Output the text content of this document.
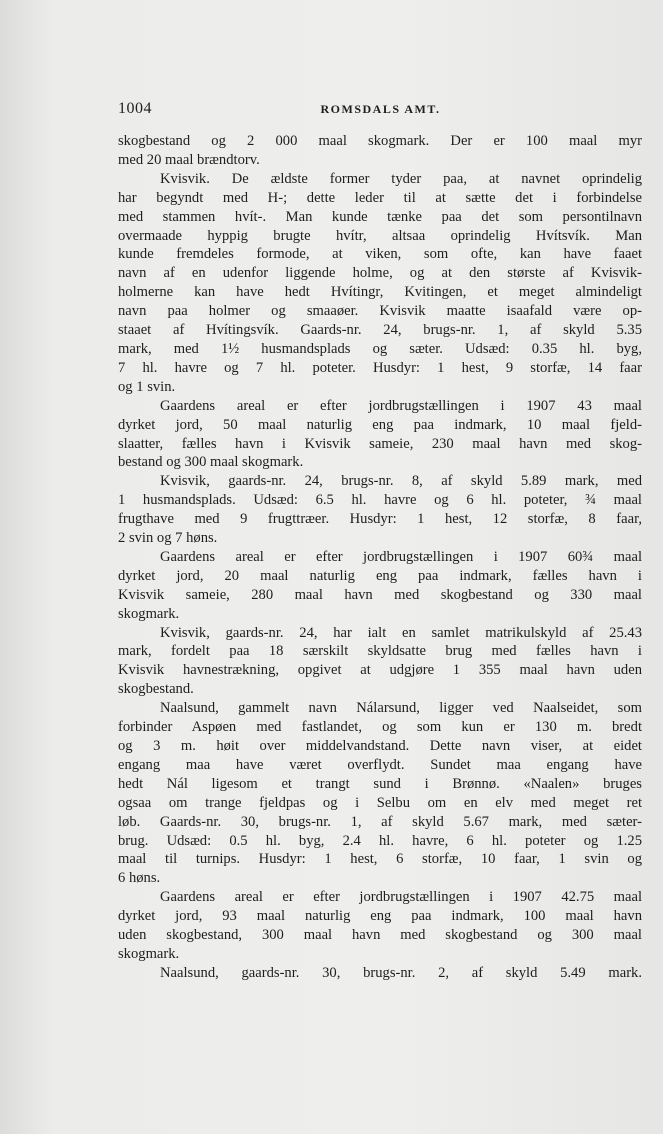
1004	ROMSDALS AMT.

skogbestand og 2 000 maal skogmark. Der er 100 maal myr

med 20 maal brændtorv.

Kvisvik. De ældste former tyder paa, at navnet oprindelig

har begyndt med H-; dette leder til at sætte det i forbindelse

med stammen hvít-. Man kunde tænke paa det som persontilnavn

overmaade hyppig brugte hvítr, altsaa oprindelig Hvítsvík. Man

kunde fremdeles formode, at viken, som ofte, kan have faaet

navn af en udenfor liggende holme, og at den største af Kvisvik-

holmerne kan have hedt Hvítingr, Kvitingen, et meget almindeligt

navn paa holmer og smaaøer. Kvisvik maatte isaafald være op-

staaet af Hvítingsvík. Gaards-nr. 24, brugs-nr. 1, af skyld 5.35

mark, med 1½ husmandsplads og sæter. Udsæd: 0.35 hl. byg,

7 hl. havre og 7 hl. poteter. Husdyr: 1 hest, 9 storfæ, 14 faar

og 1 svin.

Gaardens areal er efter jordbrugstællingen i 1907 43 maal

dyrket jord, 50 maal naturlig eng paa indmark, 10 maal fjeld-

slaatter, fælles havn i Kvisvik sameie, 230 maal havn med skog-

bestand og 300 maal skogmark.

Kvisvik, gaards-nr. 24, brugs-nr. 8, af skyld 5.89 mark, med

1 husmandsplads. Udsæd: 6.5 hl. havre og 6 hl. poteter, ¾ maal

frugthave med 9 frugttræer. Husdyr: 1 hest, 12 storfæ, 8 faar,

2 svin og 7 høns.

Gaardens areal er efter jordbrugstællingen i 1907 60¾ maal

dyrket jord, 20 maal naturlig eng paa indmark, fælles havn i

Kvisvik sameie, 280 maal havn med skogbestand og 330 maal

skogmark.

Kvisvik, gaards-nr. 24, har ialt en samlet matrikulskyld af 25.43

mark, fordelt paa 18 særskilt skyldsatte brug med fælles havn i

Kvisvik havnestrækning, opgivet at udgjøre 1 355 maal havn uden

skogbestand.

Naalsund, gammelt navn Nálarsund, ligger ved Naalseidet, som

forbinder Aspøen med fastlandet, og som kun er 130 m. bredt

og 3 m. høit over middelvandstand. Dette navn viser, at eidet

engang maa have været overflydt. Sundet maa engang have

hedt Nál ligesom et trangt sund i Brønnø. «Naalen» bruges

ogsaa om trange fjeldpas og i Selbu om en elv med meget ret

løb. Gaards-nr. 30, brugs-nr. 1, af skyld 5.67 mark, med sæter-

brug. Udsæd: 0.5 hl. byg, 2.4 hl. havre, 6 hl. poteter og 1.25

maal til turnips. Husdyr: 1 hest, 6 storfæ, 10 faar, 1 svin og

6 høns.

Gaardens areal er efter jordbrugstællingen i 1907 42.75 maal

dyrket jord, 93 maal naturlig eng paa indmark, 100 maal havn

uden skogbestand, 300 maal havn med skogbestand og 300 maal

skogmark.

Naalsund, gaards-nr. 30, brugs-nr. 2, af skyld 5.49 mark.
